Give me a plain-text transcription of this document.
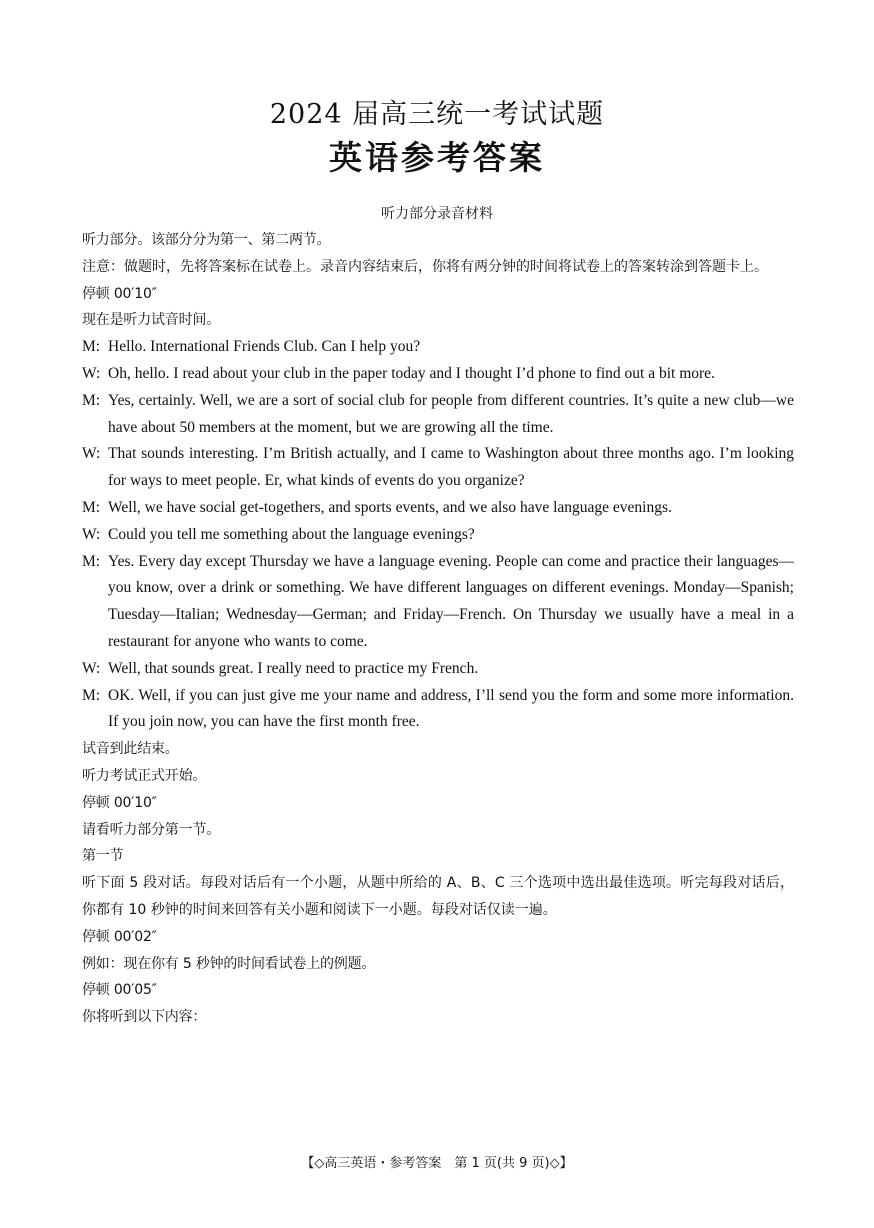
2024 届高三统一考试试题
英语参考答案
听力部分录音材料
听力部分。该部分分为第一、第二两节。
注意：做题时，先将答案标在试卷上。录音内容结束后，你将有两分钟的时间将试卷上的答案转涂到答题卡上。
停顿 00′10″
现在是听力试音时间。
M: Hello. International Friends Club. Can I help you?
W: Oh, hello. I read about your club in the paper today and I thought I’d phone to find out a bit more.
M: Yes, certainly. Well, we are a sort of social club for people from different countries. It’s quite a new club—we have about 50 members at the moment, but we are growing all the time.
W: That sounds interesting. I’m British actually, and I came to Washington about three months ago. I’m looking for ways to meet people. Er, what kinds of events do you organize?
M: Well, we have social get-togethers, and sports events, and we also have language evenings.
W: Could you tell me something about the language evenings?
M: Yes. Every day except Thursday we have a language evening. People can come and practice their languages—you know, over a drink or something. We have different languages on different evenings. Monday—Spanish; Tuesday—Italian; Wednesday—German; and Friday—French. On Thursday we usually have a meal in a restaurant for anyone who wants to come.
W: Well, that sounds great. I really need to practice my French.
M: OK. Well, if you can just give me your name and address, I’ll send you the form and some more information. If you join now, you can have the first month free.
试音到此结束。
听力考试正式开始。
停顿 00′10″
请看听力部分第一节。
第一节
听下面 5 段对话。每段对话后有一个小题，从题中所给的 A、B、C 三个选项中选出最佳选项。听完每段对话后，你都有 10 秒钟的时间来回答有关小题和阅读下一小题。每段对话仅读一遍。
停顿 00′02″
例如：现在你有 5 秒钟的时间看试卷上的例题。
停顿 00′05″
你将听到以下内容：
【◇高三英语・参考答案　第 1 页(共 9 页)◇】
